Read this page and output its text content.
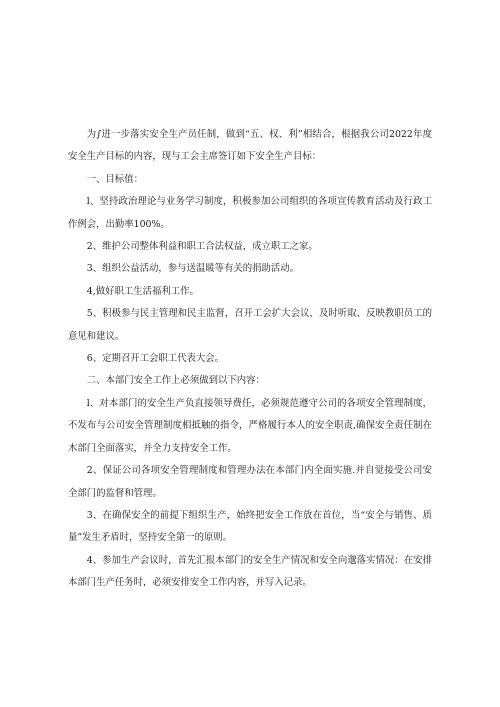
为∫进一步落实安全生产员任制，做到“五、权、利”相结合，根据我公司2022年度安全生产目标的内容，现与工会主席签订如下安全生产目标：

一、目标值：

l、坚持政治理论与业务学习制度，积极参加公司组织的各项宣传教育活动及行政工作例会，出勤率100%。

2、维护公司整体利益和职工合法权益，成立职工之家。

3、组织公益活动，参与送温暖等有关的捐助活动。

4,做好职工生活福利工作。

5、积极参与民主管理和民主监督，召开工会扩大会议，及时听取、反映教职员工的意见和建议。

6、定期召开工会职工代表大会。

二、本部门安全工作上必须做到以下内容：

l、对本部门的安全生产负直接领导费任，必须规范遵守公司的各项安全管理制度，不发布与公司安全管理制度相抵触的指令，严格履行本人的安全职责,确保安全责任制在木部门全面落实，并全力支持安全工作。

2、保证公司各项安全管理制度和管理办法在本部门内全面实施.并自觉接受公司安全部门的监督和管理。

3、在确保安全的前提下组织生产，始终把安全工作放在首位，当“安全与销售、质量”发生矛盾时，坚持安全第一的原则。

4、参加生产会议时，首先汇报本部门的安全生产情况和安全向邈落实情况：在安排本部门生产任务时，必须安排安全工作内容，并写入记录。
